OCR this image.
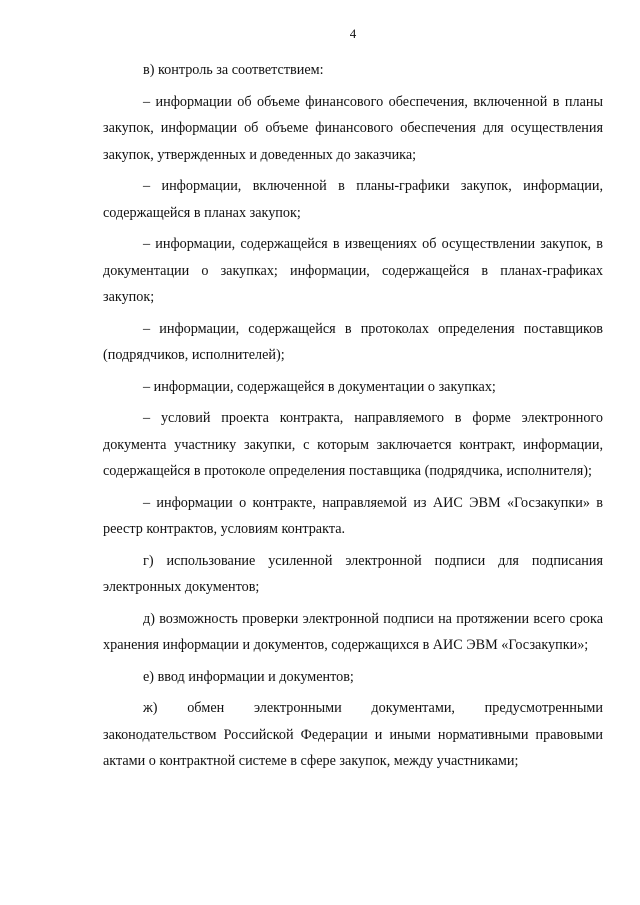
4

в) контроль за соответствием:

– информации об объеме финансового обеспечения, включенной в планы закупок, информации об объеме финансового обеспечения для осуществления закупок, утвержденных и доведенных до заказчика;

– информации, включенной в планы-графики закупок, информации, содержащейся в планах закупок;

– информации, содержащейся в извещениях об осуществлении закупок, в документации о закупках; информации, содержащейся в планах-графиках закупок;

– информации, содержащейся в протоколах определения поставщиков (подрядчиков, исполнителей);

– информации, содержащейся в документации о закупках;

– условий проекта контракта, направляемого в форме электронного документа участнику закупки, с которым заключается контракт, информации, содержащейся в протоколе определения поставщика (подрядчика, исполнителя);

– информации о контракте, направляемой из АИС ЭВМ «Госзакупки» в реестр контрактов, условиям контракта.

г) использование усиленной электронной подписи для подписания электронных документов;

д) возможность проверки электронной подписи на протяжении всего срока хранения информации и документов, содержащихся в АИС ЭВМ «Госзакупки»;

е) ввод информации и документов;

ж) обмен электронными документами, предусмотренными законодательством Российской Федерации и иными нормативными правовыми актами о контрактной системе в сфере закупок, между участниками;
